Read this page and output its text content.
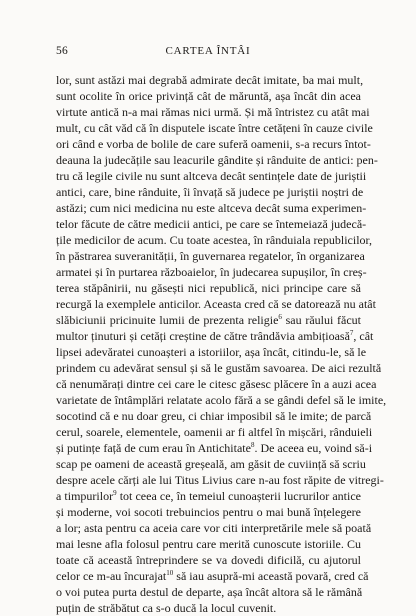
56	CARTEA ÎNTÂI
lor, sunt astăzi mai degrabă admirate decât imitate, ba mai mult,
sunt ocolite în orice privință cât de măruntă, așa încât din acea
virtute antică n-a mai rămas nici urmă. Și mă întristez cu atât mai
mult, cu cât văd că în disputele iscate între cetățeni în cauze civile
ori când e vorba de bolile de care suferă oamenii, s-a recurs întot-
deauna la judecățile sau leacurile gândite și rânduite de antici: pen-
tru că legile civile nu sunt altceva decât sentințele date de juriștii
antici, care, bine rânduite, îi învață să judece pe juriștii noștri de
astăzi; cum nici medicina nu este altceva decât suma experimen-
telor făcute de către medicii antici, pe care se întemeiază judecă-
țile medicilor de acum. Cu toate acestea, în rânduiala republicilor,
în păstrarea suveranității, în guvernarea regatelor, în organizarea
armatei și în purtarea războaielor, în judecarea supușilor, în creș-
terea stăpânirii, nu găsești nici republică, nici principe care să
recurgă la exemplele anticilor. Aceasta cred că se datorează nu atât
slăbiciunii pricinuite lumii de prezenta religie$^6$ sau răului făcut
multor ținuturi și cetăți creștine de către trândăvia ambițioasă$^7$, cât
lipsei adevăratei cunoașteri a istoriilor, așa încât, citindu-le, să le
prindem cu adevărat sensul și să le gustăm savoarea. De aici rezultă
că nenumărați dintre cei care le citesc găsesc plăcere în a auzi acea
varietate de întâmplări relatate acolo fără a se gândi defel să le imite,
socotind că e nu doar greu, ci chiar imposibil să le imite; de parcă
cerul, soarele, elementele, oamenii ar fi altfel în mișcări, rânduieli
și putințe față de cum erau în Antichitate$^8$. De aceea eu, voind să-i
scap pe oameni de această greșeală, am găsit de cuviință să scriu
despre acele cărți ale lui Titus Livius care n-au fost răpite de vitregi-
a timpurilor$^9$ tot ceea ce, în temeiul cunoașterii lucrurilor antice
și moderne, voi socoti trebuincios pentru o mai bună înțelegere
a lor; asta pentru ca aceia care vor citi interpretările mele să poată
mai lesne afla folosul pentru care merită cunoscute istoriile. Cu
toate că această întreprindere se va dovedi dificilă, cu ajutorul
celor ce m-au încurajat$^{10}$ să iau asupră-mi această povară, cred că
o voi putea purta destul de departe, așa încât altora să le rămână
puțin de străbătut ca s-o ducă la locul cuvenit.
